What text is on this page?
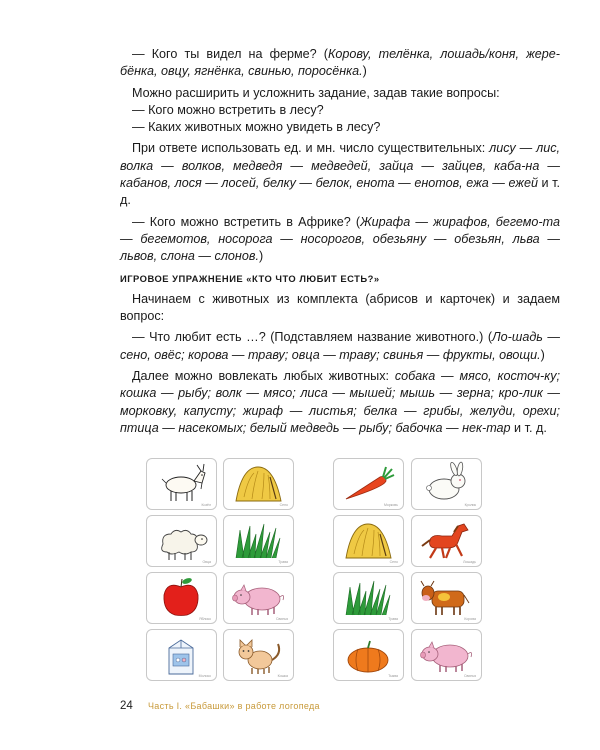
— Кого ты видел на ферме? (Корову, телёнка, лошадь/коня, жере-бёнка, овцу, ягнёнка, свинью, поросёнка.)

Можно расширить и усложнить задание, задав такие вопросы:

— Кого можно встретить в лесу?

— Каких животных можно увидеть в лесу?

При ответе использовать ед. и мн. число существительных: лису — лис, волка — волков, медведя — медведей, зайца — зайцев, каба-на — кабанов, лося — лосей, белку — белок, енота — енотов, ежа — ежей и т. д.

— Кого можно встретить в Африке? (Жирафа — жирафов, бегемо-та — бегемотов, носорога — носорогов, обезьяну — обезьян, льва — львов, слона — слонов.)

ИГРОВОЕ УПРАЖНЕНИЕ «КТО ЧТО ЛЮБИТ ЕСТЬ?»

Начинаем с животных из комплекта (абрисов и карточек) и задаем вопрос:

— Что любит есть …? (Подставляем название животного.) (Ло-шадь — сено, овёс; корова — траву; овца — траву; свинья — фрукты, овощи.)

Далее можно вовлекать любых животных: собака — мясо, косточ-ку; кошка — рыбу; волк — мясо; лиса — мышей; мышь — зерна; кро-лик — морковку, капусту; жираф — листья; белка — грибы, желуди, орехи; птица — насекомых; белый медведь — рыбу; бабочка — нек-тар и т. д.

Козёл	Сено	Морковь	Кролик
Овца	Трава	Сено	Лошадь
Яблоко	Свинья	Трава	Корова
Молоко	Кошка	Тыква	Свинья
24 Часть I. «Бабашки» в работе логопеда
